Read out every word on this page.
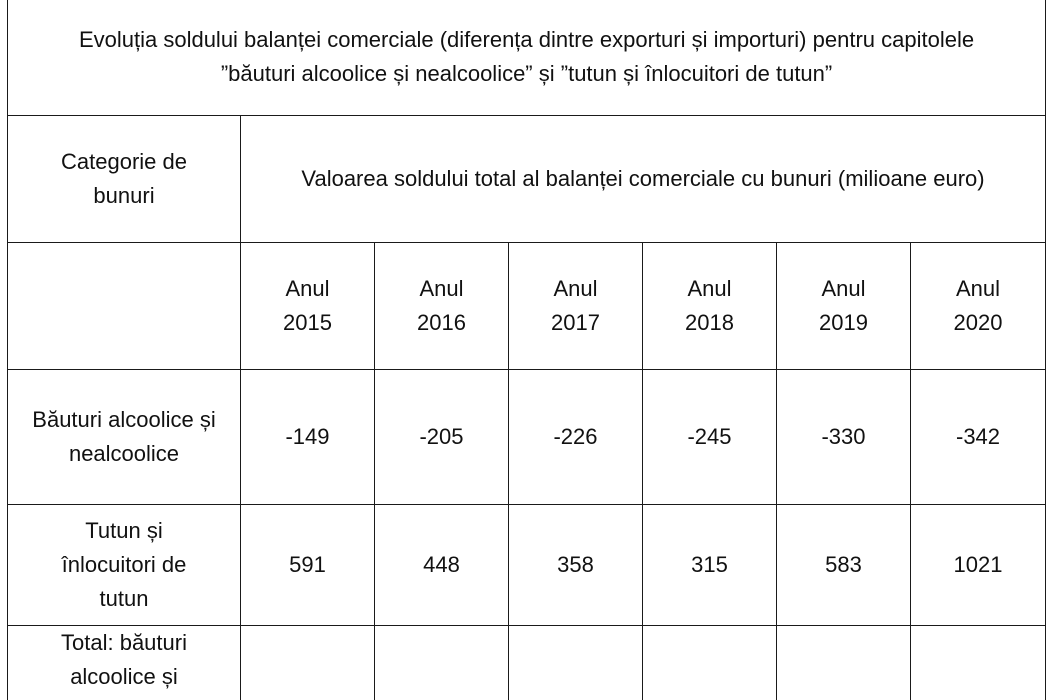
Evoluția soldului balanței comerciale (diferența dintre exporturi și importuri) pentru capitolele ”băuturi alcoolice și nealcoolice” și ”tutun și înlocuitori de tutun”						
Categorie de bunuri	Valoarea soldului total al balanței comerciale cu bunuri (milioane euro)					
	Anul 2015	Anul 2016	Anul 2017	Anul 2018	Anul 2019	Anul 2020
Băuturi alcoolice și nealcoolice	-149	-205	-226	-245	-330	-342
Tutun și înlocuitori de tutun	591	448	358	315	583	1021
Total: băuturi alcoolice și						
